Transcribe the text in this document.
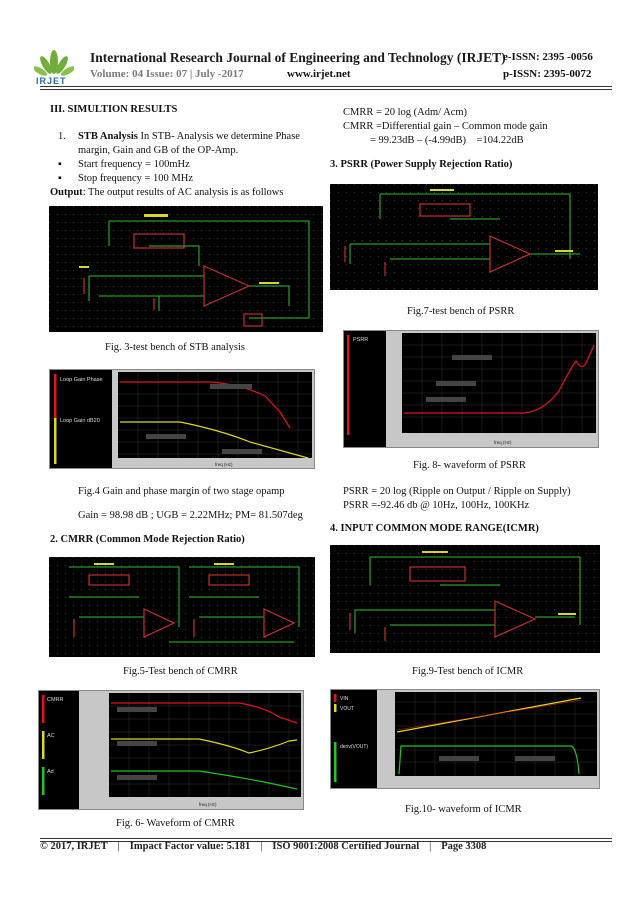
IRJET
International Research Journal of Engineering and Technology (IRJET)
e-ISSN: 2395 -0056
Volume: 04 Issue: 07 | July -2017	www.irjet.net	p-ISSN: 2395-0072
III. SIMULTION RESULTS
1. STB Analysis In STB- Analysis we determine Phase
margin, Gain and GB of the OP-Amp.
▪ Start frequency = 100mHz
▪ Stop frequency = 100 MHz
Output: The output results of AC analysis is as follows
Fig. 3-test bench of STB analysis
Loop Gain Phase
Loop Gain dB20
freq (Hz)
Fig.4 Gain and phase margin of two stage opamp
Gain = 98.98 dB ; UGB = 2.22MHz; PM= 81.507deg
2. CMRR (Common Mode Rejection Ratio)
Fig.5-Test bench of CMRR
CMRR
AC
Ad
freq (Hz)
Fig. 6- Waveform of CMRR
CMRR = 20 log (Adm/ Acm)
CMRR =Differential gain – Common mode gain
= 99.23dB – (-4.99dB)    =104.22dB
3. PSRR (Power Supply Rejection Ratio)
Fig.7-test bench of PSRR
PSRR
freq (Hz)
Fig. 8- waveform of PSRR
PSRR = 20 log (Ripple on Output / Ripple on Supply)
PSRR =-92.46 db @ 10Hz, 100Hz, 100KHz
4. INPUT COMMON MODE RANGE(ICMR)
Fig.9-Test bench of ICMR
VIN
VOUT
deriv(VOUT)
Fig.10- waveform of ICMR
© 2017, IRJET | Impact Factor value: 5.181 | ISO 9001:2008 Certified Journal | Page 3308
